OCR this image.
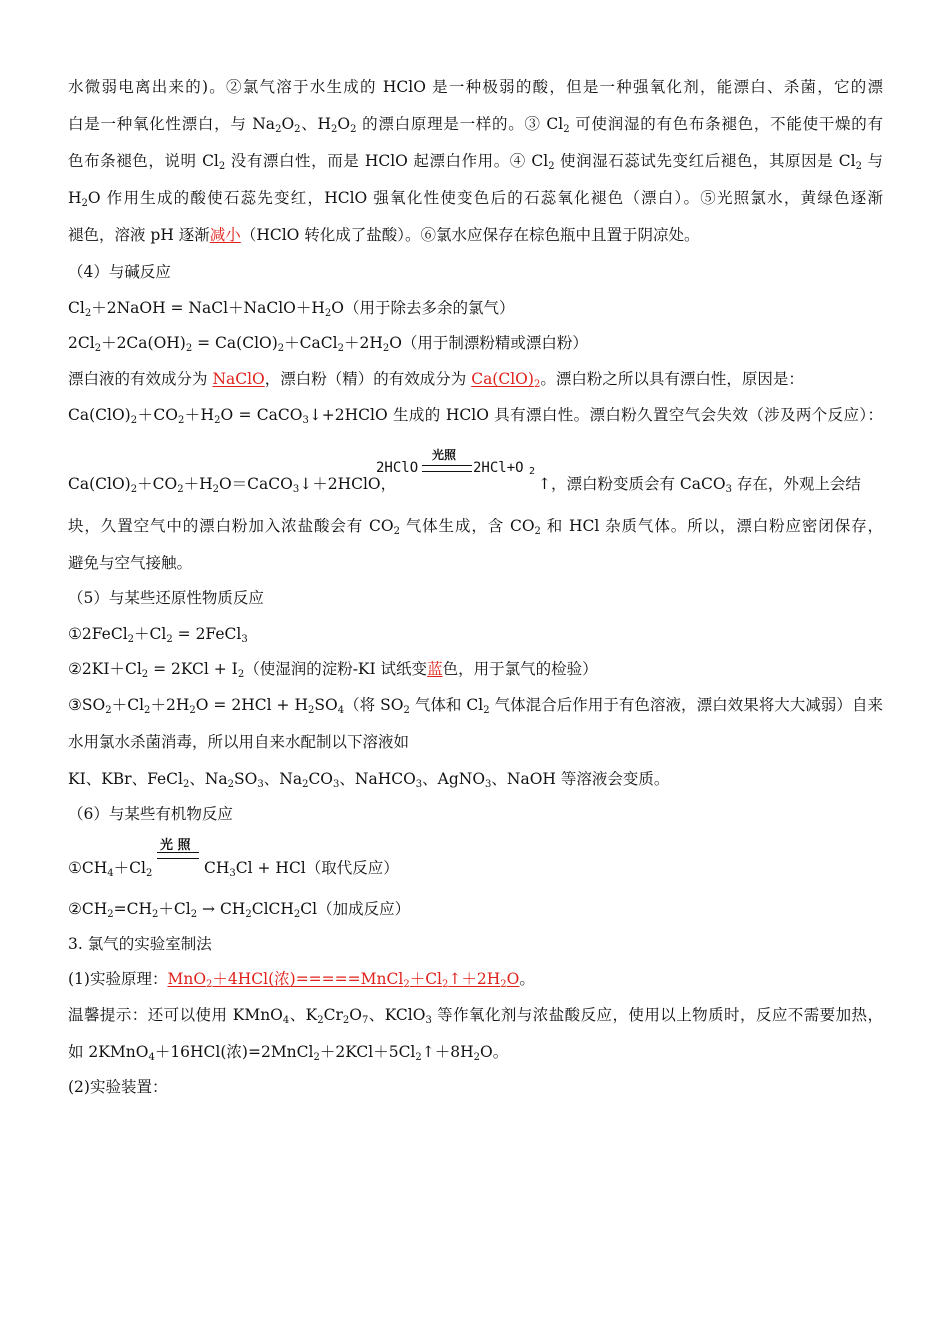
水微弱电离出来的)。②氯气溶于水生成的 HClO 是一种极弱的酸，但是一种强氧化剂，能漂白、杀菌，它的漂
白是一种氧化性漂白，与 $Na_2O_2$、$H_2O_2$ 的漂白原理是一样的。③ $Cl_2$ 可使润湿的有色布条褪色，不能使干燥的有
色布条褪色，说明 $Cl_2$ 没有漂白性，而是 HClO 起漂白作用。④ $Cl_2$ 使润湿石蕊试先变红后褪色，其原因是 $Cl_2$ 与
$H_2O$ 作用生成的酸使石蕊先变红，HClO 强氧化性使变色后的石蕊氧化褪色（漂白）。⑤光照氯水，黄绿色逐渐
褪色，溶液 pH 逐渐减小（HClO 转化成了盐酸）。⑥氯水应保存在棕色瓶中且置于阴凉处。
（4）与碱反应
$Cl_2+2NaOH$ = $NaCl+NaClO+H_2O$（用于除去多余的氯气）
$2Cl_2+2Ca(OH)_2$ = $Ca(ClO)_2+CaCl_2+2H_2O$（用于制漂粉精或漂白粉）
漂白液的有效成分为 NaClO，漂白粉（精）的有效成分为 $Ca(ClO)_2$。漂白粉之所以具有漂白性，原因是：
$Ca(ClO)_2+CO_2+H_2O$ = CaCO$_3$↓+2HClO 生成的 HClO 具有漂白性。漂白粉久置空气会失效（涉及两个反应）：
$Ca(ClO)_2+CO_2+H_2O=CaCO_3↓+2HClO$，
2HClO
光照
2HCl+O 2
↑，漂白粉变质会有 CaCO$_3$ 存在，外观上会结
块，久置空气中的漂白粉加入浓盐酸会有 $CO_2$ 气体生成，含 $CO_2$ 和 HCl 杂质气体。所以，漂白粉应密闭保存，
避免与空气接触。
（5）与某些还原性物质反应
$①2FeCl_2+Cl_2$ = 2FeCl$_3$
$②2KI+Cl_2 = 2KCl + I_2$（使湿润的淀粉-KI 试纸变蓝色，用于氯气的检验）
$③SO_2+Cl_2+2H_2O = 2HCl + H_2SO_4$（将 $SO_2$ 气体和 $Cl_2$ 气体混合后作用于有色溶液，漂白效果将大大减弱）自来
水用氯水杀菌消毒，所以用自来水配制以下溶液如
KI、KBr、FeCl$_2$、$Na_2SO_3$、$Na_2CO_3$、NaHCO$_3$、AgNO$_3$、NaOH 等溶液会变质。
（6）与某些有机物反应
$①CH_4+Cl_2$
光 照
$CH_3Cl + HCl$（取代反应）
$②CH_2=CH_2+Cl_2$ → $CH_2ClCH_2Cl$（加成反应）
3. 氯气的实验室制法
(1)实验原理：MnO$_2$＋4HCl(浓)$=====MnCl_2+Cl_2↑+2H_2O$。
温馨提示：还可以使用 KMnO$_4$、$K_2Cr_2O_7$、KClO$_3$ 等作氧化剂与浓盐酸反应，使用以上物质时，反应不需要加热，
如 2KMnO$_4$＋16HCl(浓)$=2MnCl_2+2KCl+5Cl_2↑+8H_2O$。
(2)实验装置：
